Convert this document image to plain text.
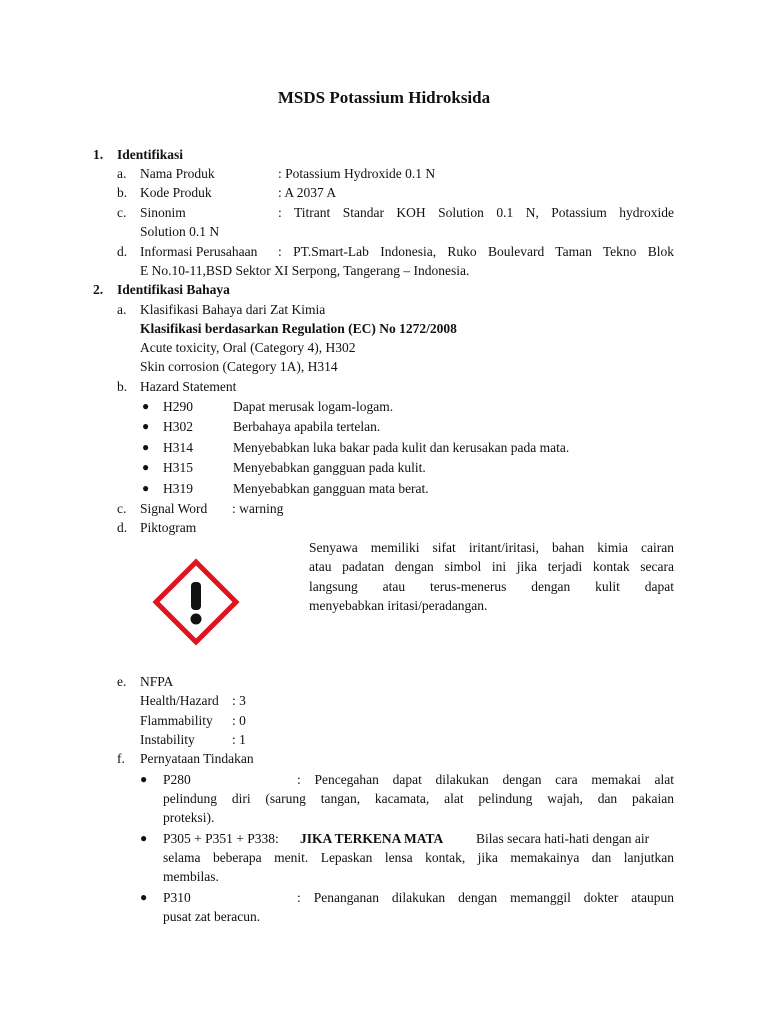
MSDS Potassium Hidroksida
1. Identifikasi
a. Nama Produk	: Potassium Hydroxide 0.1 N
b. Kode Produk	: A 2037 A
c. Sinonim	: Titrant Standar KOH Solution 0.1 N, Potassium hydroxide
Solution 0.1 N
d. Informasi Perusahaan : PT.Smart-Lab Indonesia, Ruko Boulevard Taman Tekno Blok
E No.10-11,BSD Sektor XI Serpong, Tangerang – Indonesia.
2. Identifikasi Bahaya
a. Klasifikasi Bahaya dari Zat Kimia
Klasifikasi berdasarkan Regulation (EC) No 1272/2008
Acute toxicity, Oral (Category 4), H302
Skin corrosion (Category 1A), H314
b. Hazard Statement
● H290	Dapat merusak logam-logam.
● H302	Berbahaya apabila tertelan.
● H314	Menyebabkan luka bakar pada kulit dan kerusakan pada mata.
● H315	Menyebabkan gangguan pada kulit.
● H319	Menyebabkan gangguan mata berat.
c. Signal Word : warning
d. Piktogram
Senyawa memiliki sifat iritant/iritasi, bahan kimia cairan
atau padatan dengan simbol ini jika terjadi kontak secara
langsung atau terus-menerus dengan kulit dapat
menyebabkan iritasi/peradangan.
e. NFPA
Health/Hazard : 3
Flammability : 0
Instability	: 1
f. Pernyataan Tindakan
● P280	: Pencegahan dapat dilakukan dengan cara memakai alat
pelindung diri (sarung tangan, kacamata, alat pelindung wajah, dan pakaian
proteksi).
● P305 + P351 + P338: JIKA TERKENA MATA Bilas secara hati-hati dengan air
selama beberapa menit. Lepaskan lensa kontak, jika memakainya dan lanjutkan
membilas.
● P310	: Penanganan dilakukan dengan memanggil dokter ataupun
pusat zat beracun.
